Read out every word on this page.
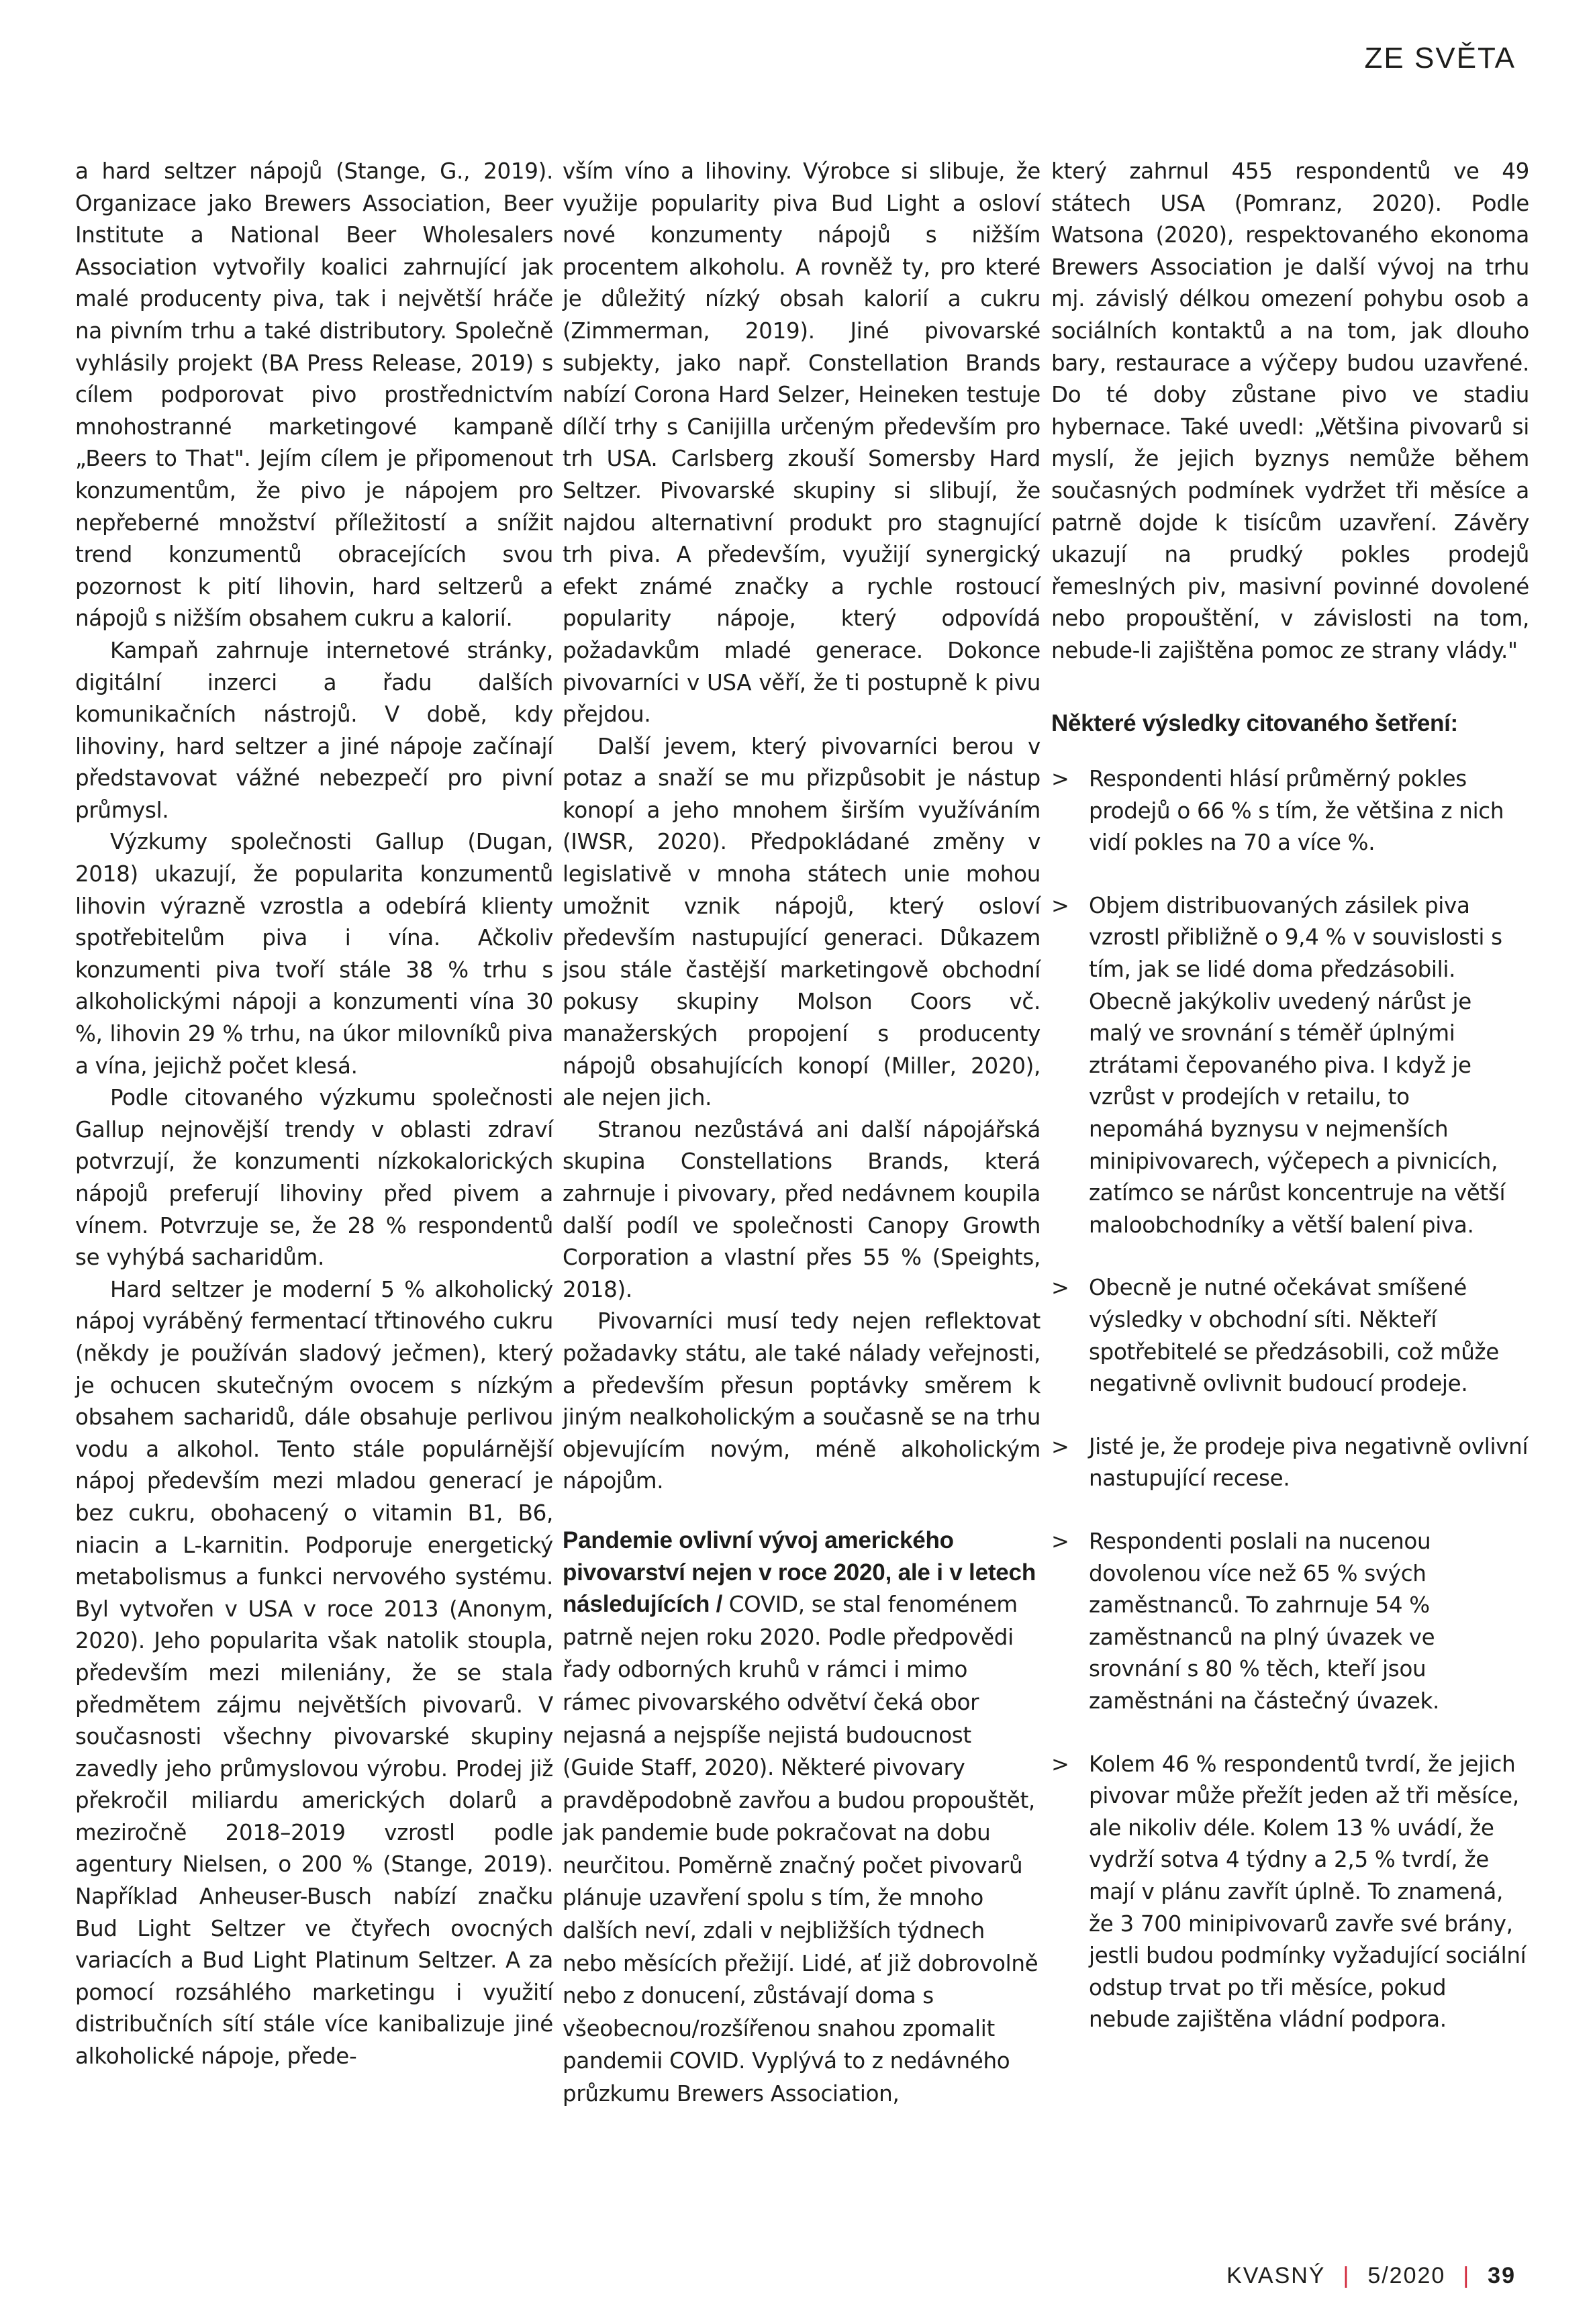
ZE SVĚTA

a hard seltzer nápojů (Stange, G., 2019). Organizace jako Brewers Association, Beer Institute a National Beer Wholesalers Association vytvořily koalici zahrnující jak malé producenty piva, tak i největší hráče na pivním trhu a také distributory. Společně vyhlásily projekt (BA Press Release, 2019) s cílem podporovat pivo prostřednictvím mnohostranné marketingové kampaně „Beers to That". Jejím cílem je připomenout konzumentům, že pivo je nápojem pro nepřeberné množství příležitostí a snížit trend konzumentů obracejících svou pozornost k pití lihovin, hard seltzerů a nápojů s nižším obsahem cukru a kalorií.

Kampaň zahrnuje internetové stránky, digitální inzerci a řadu dalších komunikačních nástrojů. V době, kdy lihoviny, hard seltzer a jiné nápoje začínají představovat vážné nebezpečí pro pivní průmysl.

Výzkumy společnosti Gallup (Dugan, 2018) ukazují, že popularita konzumentů lihovin výrazně vzrostla a odebírá klienty spotřebitelům piva i vína. Ačkoliv konzumenti piva tvoří stále 38 % trhu s alkoholickými nápoji a konzumenti vína 30 %, lihovin 29 % trhu, na úkor milovníků piva a vína, jejichž počet klesá.

Podle citovaného výzkumu společnosti Gallup nejnovější trendy v oblasti zdraví potvrzují, že konzumenti nízkokalorických nápojů preferují lihoviny před pivem a vínem. Potvrzuje se, že 28 % respondentů se vyhýbá sacharidům.

Hard seltzer je moderní 5 % alkoholický nápoj vyráběný fermentací třtinového cukru (někdy je používán sladový ječmen), který je ochucen skutečným ovocem s nízkým obsahem sacharidů, dále obsahuje perlivou vodu a alkohol. Tento stále populárnější nápoj především mezi mladou generací je bez cukru, obohacený o vitamin B1, B6, niacin a L-karnitin. Podporuje energetický metabolismus a funkci nervového systému. Byl vytvořen v USA v roce 2013 (Anonym, 2020). Jeho popularita však natolik stoupla, především mezi mileniány, že se stala předmětem zájmu největších pivovarů. V současnosti všechny pivovarské skupiny zavedly jeho průmyslovou výrobu. Prodej již překročil miliardu amerických dolarů a meziročně 2018–2019 vzrostl podle agentury Nielsen, o 200 % (Stange, 2019). Například Anheuser-Busch nabízí značku Bud Light Seltzer ve čtyřech ovocných variacích a Bud Light Platinum Seltzer. A za pomocí rozsáhlého marketingu i využití distribučních sítí stále více kanibalizuje jiné alkoholické nápoje, přede-

vším víno a lihoviny. Výrobce si slibuje, že využije popularity piva Bud Light a osloví nové konzumenty nápojů s nižším procentem alkoholu. A rovněž ty, pro které je důležitý nízký obsah kalorií a cukru (Zimmerman, 2019). Jiné pivovarské subjekty, jako např. Constellation Brands nabízí Corona Hard Selzer, Heineken testuje dílčí trhy s Canijilla určeným především pro trh USA. Carlsberg zkouší Somersby Hard Seltzer. Pivovarské skupiny si slibují, že najdou alternativní produkt pro stagnující trh piva. A především, využijí synergický efekt známé značky a rychle rostoucí popularity nápoje, který odpovídá požadavkům mladé generace. Dokonce pivovarníci v USA věří, že ti postupně k pivu přejdou.

Další jevem, který pivovarníci berou v potaz a snaží se mu přizpůsobit je nástup konopí a jeho mnohem širším využíváním (IWSR, 2020). Předpokládané změny v legislativě v mnoha státech unie mohou umožnit vznik nápojů, který osloví především nastupující generaci. Důkazem jsou stále častější marketingově obchodní pokusy skupiny Molson Coors vč. manažerských propojení s producenty nápojů obsahujících konopí (Miller, 2020), ale nejen jich.

Stranou nezůstává ani další nápojářská skupina Constellations Brands, která zahrnuje i pivovary, před nedávnem koupila další podíl ve společnosti Canopy Growth Corporation a vlastní přes 55 % (Speights, 2018).

Pivovarníci musí tedy nejen reflektovat požadavky státu, ale také nálady veřejnosti, a především přesun poptávky směrem k jiným nealkoholickým a současně se na trhu objevujícím novým, méně alkoholickým nápojům.

Pandemie ovlivní vývoj amerického pivovarství nejen v roce 2020, ale i v letech následujících / COVID, se stal fenoménem patrně nejen roku 2020. Podle předpovědi řady odborných kruhů v rámci i mimo rámec pivovarského odvětví čeká obor nejasná a nejspíše nejistá budoucnost (Guide Staff, 2020). Některé pivovary pravděpodobně zavřou a budou propouštět, jak pandemie bude pokračovat na dobu neurčitou. Poměrně značný počet pivovarů plánuje uzavření spolu s tím, že mnoho dalších neví, zdali v nejbližších týdnech nebo měsících přežijí. Lidé, ať již dobrovolně nebo z donucení, zůstávají doma s všeobecnou/rozšířenou snahou zpomalit pandemii COVID. Vyplývá to z nedávného průzkumu Brewers Association,

který zahrnul 455 respondentů ve 49 státech USA (Pomranz, 2020). Podle Watsona (2020), respektovaného ekonoma Brewers Association je další vývoj na trhu mj. závislý délkou omezení pohybu osob a sociálních kontaktů a na tom, jak dlouho bary, restaurace a výčepy budou uzavřené. Do té doby zůstane pivo ve stadiu hybernace. Také uvedl: „Většina pivovarů si myslí, že jejich byznys nemůže během současných podmínek vydržet tři měsíce a patrně dojde k tisícům uzavření. Závěry ukazují na prudký pokles prodejů řemeslných piv, masivní povinné dovolené nebo propouštění, v závislosti na tom, nebude-li zajištěna pomoc ze strany vlády."

Některé výsledky citovaného šetření:
> Respondenti hlásí průměrný pokles prodejů o 66 % s tím, že většina z nich vidí pokles na 70 a více %.
> Objem distribuovaných zásilek piva vzrostl přibližně o 9,4 % v souvislosti s tím, jak se lidé doma předzásobili. Obecně jakýkoliv uvedený nárůst je malý ve srovnání s téměř úplnými ztrátami čepovaného piva. I když je vzrůst v prodejích v retailu, to nepomáhá byznysu v nejmenších minipivovarech, výčepech a pivnicích, zatímco se nárůst koncentruje na větší maloobchodníky a větší balení piva.
> Obecně je nutné očekávat smíšené výsledky v obchodní síti. Někteří spotřebitelé se předzásobili, což může negativně ovlivnit budoucí prodeje.
> Jisté je, že prodeje piva negativně ovlivní nastupující recese.
> Respondenti poslali na nucenou dovolenou více než 65 % svých zaměstnanců. To zahrnuje 54 % zaměstnanců na plný úvazek ve srovnání s 80 % těch, kteří jsou zaměstnáni na částečný úvazek.
> Kolem 46 % respondentů tvrdí, že jejich pivovar může přežít jeden až tři měsíce, ale nikoliv déle. Kolem 13 % uvádí, že vydrží sotva 4 týdny a 2,5 % tvrdí, že mají v plánu zavřít úplně. To znamená, že 3 700 minipivovarů zavře své brány, jestli budou podmínky vyžadující sociální odstup trvat po tři měsíce, pokud nebude zajištěna vládní podpora.
KVASNÝ | 5/2020 | 39
